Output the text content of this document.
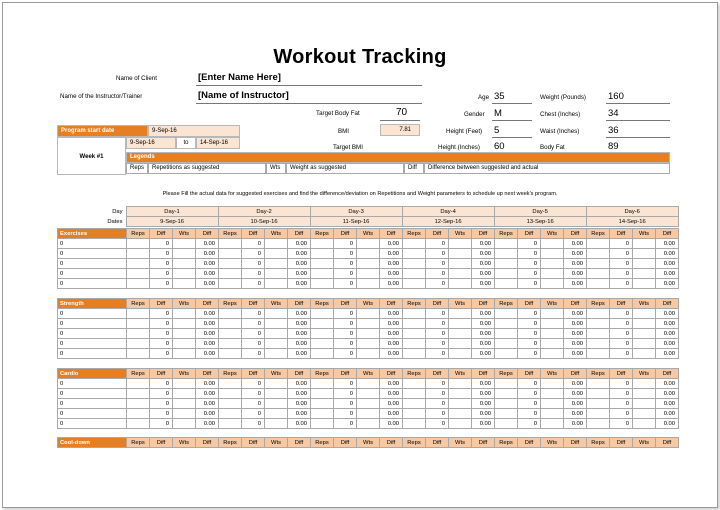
Workout Tracking
Name of Client	[Enter Name Here]
Name of the Instructor/Trainer	[Name of Instructor]
Target Body Fat	70
BMI	7.81
Target BMI
Age 35
Gender M
Height (Feet) 5
Height (Inches) 60
Weight (Pounds) 160
Chest (Inches)	34
Waist (Inches)	36
Body Fat	89
Program start date	9-Sep-16
Week #1
9-Sep-16	to	14-Sep-16
Legends
Reps	Repetitions as suggested	Wts	Weight as suggested	Diff	Difference between suggested and actual
Please Fill the actual data for suggested exercises and find the difference/deviation on Repetitions and Weight parameters to schedule up next week's program.
Day	Day-1	Day-2	Day-3	Day-4	Day-5	Day-6
Dates	9-Sep-16	10-Sep-16	11-Sep-16	12-Sep-16	13-Sep-16	14-Sep-16
Exercises	Reps	Diff	Wts	Diff	Reps	Diff	Wts	Diff	Reps	Diff	Wts	Diff	Reps	Diff	Wts	Diff	Reps	Diff	Wts	Diff	Reps	Diff	Wts	Diff
0		0		0.00		0		0.00		0		0.00		0		0.00		0		0.00		0		0.00
0		0		0.00		0		0.00		0		0.00		0		0.00		0		0.00		0		0.00
0		0		0.00		0		0.00		0		0.00		0		0.00		0		0.00		0		0.00
0		0		0.00		0		0.00		0		0.00		0		0.00		0		0.00		0		0.00
0		0		0.00		0		0.00		0		0.00		0		0.00		0		0.00		0		0.00
Strength	Reps	Diff	Wts	Diff	Reps	Diff	Wts	Diff	Reps	Diff	Wts	Diff	Reps	Diff	Wts	Diff	Reps	Diff	Wts	Diff	Reps	Diff	Wts	Diff
0		0		0.00		0		0.00		0		0.00		0		0.00		0		0.00		0		0.00
0		0		0.00		0		0.00		0		0.00		0		0.00		0		0.00		0		0.00
0		0		0.00		0		0.00		0		0.00		0		0.00		0		0.00		0		0.00
0		0		0.00		0		0.00		0		0.00		0		0.00		0		0.00		0		0.00
0		0		0.00		0		0.00		0		0.00		0		0.00		0		0.00		0		0.00
Cardio	Reps	Diff	Wts	Diff	Reps	Diff	Wts	Diff	Reps	Diff	Wts	Diff	Reps	Diff	Wts	Diff	Reps	Diff	Wts	Diff	Reps	Diff	Wts	Diff
0		0		0.00		0		0.00		0		0.00		0		0.00		0		0.00		0		0.00
0		0		0.00		0		0.00		0		0.00		0		0.00		0		0.00		0		0.00
0		0		0.00		0		0.00		0		0.00		0		0.00		0		0.00		0		0.00
0		0		0.00		0		0.00		0		0.00		0		0.00		0		0.00		0		0.00
0		0		0.00		0		0.00		0		0.00		0		0.00		0		0.00		0		0.00
Cool-down	Reps	Diff	Wts	Diff	Reps	Diff	Wts	Diff	Reps	Diff	Wts	Diff	Reps	Diff	Wts	Diff	Reps	Diff	Wts	Diff	Reps	Diff	Wts	Diff
